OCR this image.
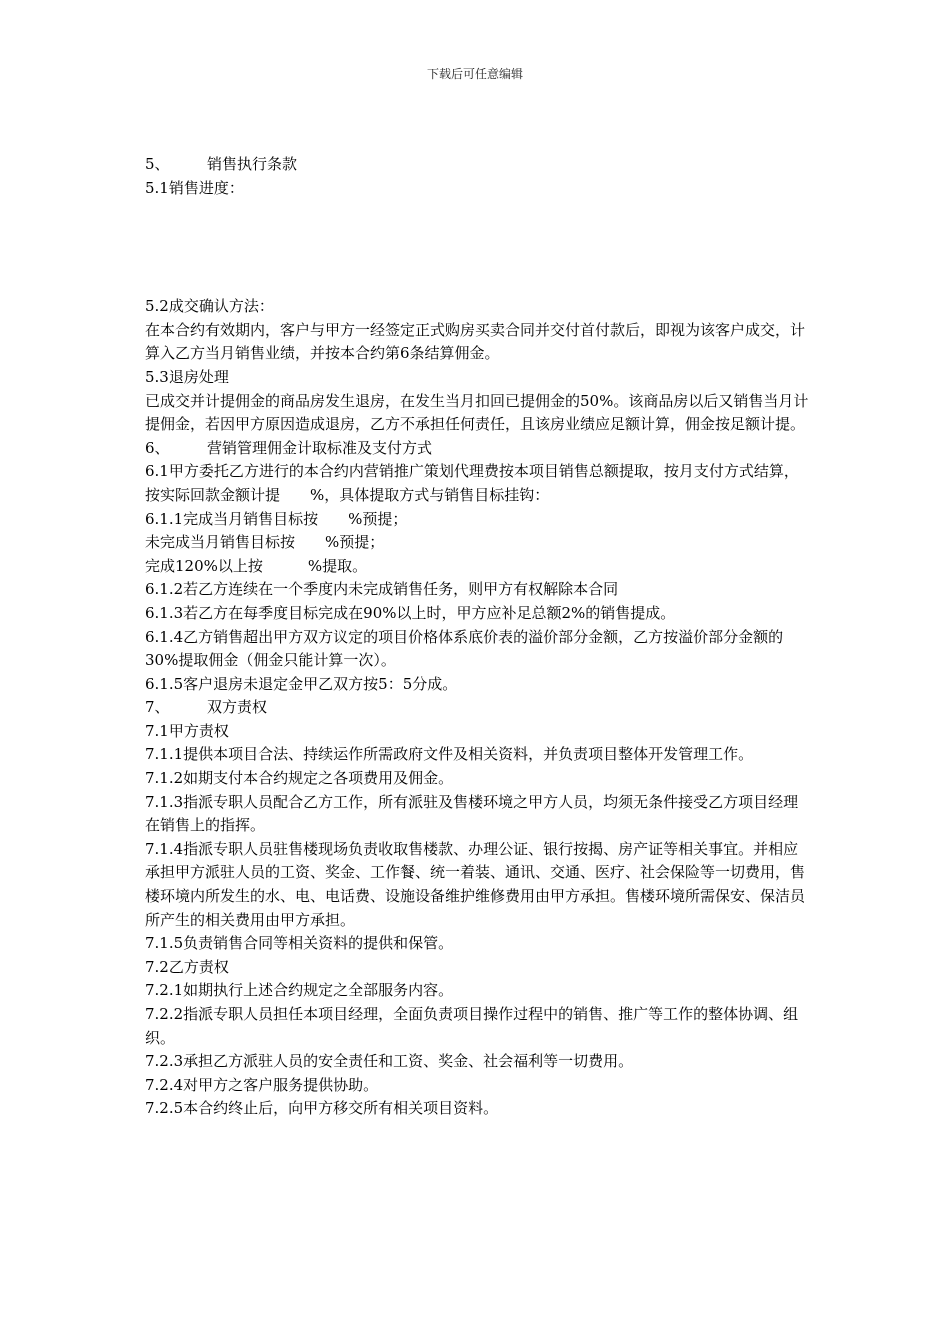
下载后可任意编辑

5、　　　销售执行条款

5.1销售进度：

5.2成交确认方法：

在本合约有效期内，客户与甲方一经签定正式购房买卖合同并交付首付款后，即视为该客户成交，计算入乙方当月销售业绩，并按本合约第6条结算佣金。

5.3退房处理

已成交并计提佣金的商品房发生退房，在发生当月扣回已提佣金的50%。该商品房以后又销售当月计提佣金，若因甲方原因造成退房，乙方不承担任何责任，且该房业绩应足额计算，佣金按足额计提。

6、　　　营销管理佣金计取标准及支付方式

6.1甲方委托乙方进行的本合约内营销推广策划代理费按本项目销售总额提取，按月支付方式结算，按实际回款金额计提　　%，具体提取方式与销售目标挂钩：

6.1.1完成当月销售目标按　　%预提；

未完成当月销售目标按　　%预提；

完成120%以上按　　　%提取。

6.1.2若乙方连续在一个季度内未完成销售任务，则甲方有权解除本合同

6.1.3若乙方在每季度目标完成在90%以上时，甲方应补足总额2%的销售提成。

6.1.4乙方销售超出甲方双方议定的项目价格体系底价表的溢价部分金额，乙方按溢价部分金额的30%提取佣金（佣金只能计算一次）。

6.1.5客户退房未退定金甲乙双方按5：5分成。

7、　　　双方责权

7.1甲方责权

7.1.1提供本项目合法、持续运作所需政府文件及相关资料，并负责项目整体开发管理工作。

7.1.2如期支付本合约规定之各项费用及佣金。

7.1.3指派专职人员配合乙方工作，所有派驻及售楼环境之甲方人员，均须无条件接受乙方项目经理在销售上的指挥。

7.1.4指派专职人员驻售楼现场负责收取售楼款、办理公证、银行按揭、房产证等相关事宜。并相应承担甲方派驻人员的工资、奖金、工作餐、统一着装、通讯、交通、医疗、社会保险等一切费用，售楼环境内所发生的水、电、电话费、设施设备维护维修费用由甲方承担。售楼环境所需保安、保洁员所产生的相关费用由甲方承担。

7.1.5负责销售合同等相关资料的提供和保管。

7.2乙方责权

7.2.1如期执行上述合约规定之全部服务内容。

7.2.2指派专职人员担任本项目经理，全面负责项目操作过程中的销售、推广等工作的整体协调、组织。

7.2.3承担乙方派驻人员的安全责任和工资、奖金、社会福利等一切费用。

7.2.4对甲方之客户服务提供协助。

7.2.5本合约终止后，向甲方移交所有相关项目资料。
